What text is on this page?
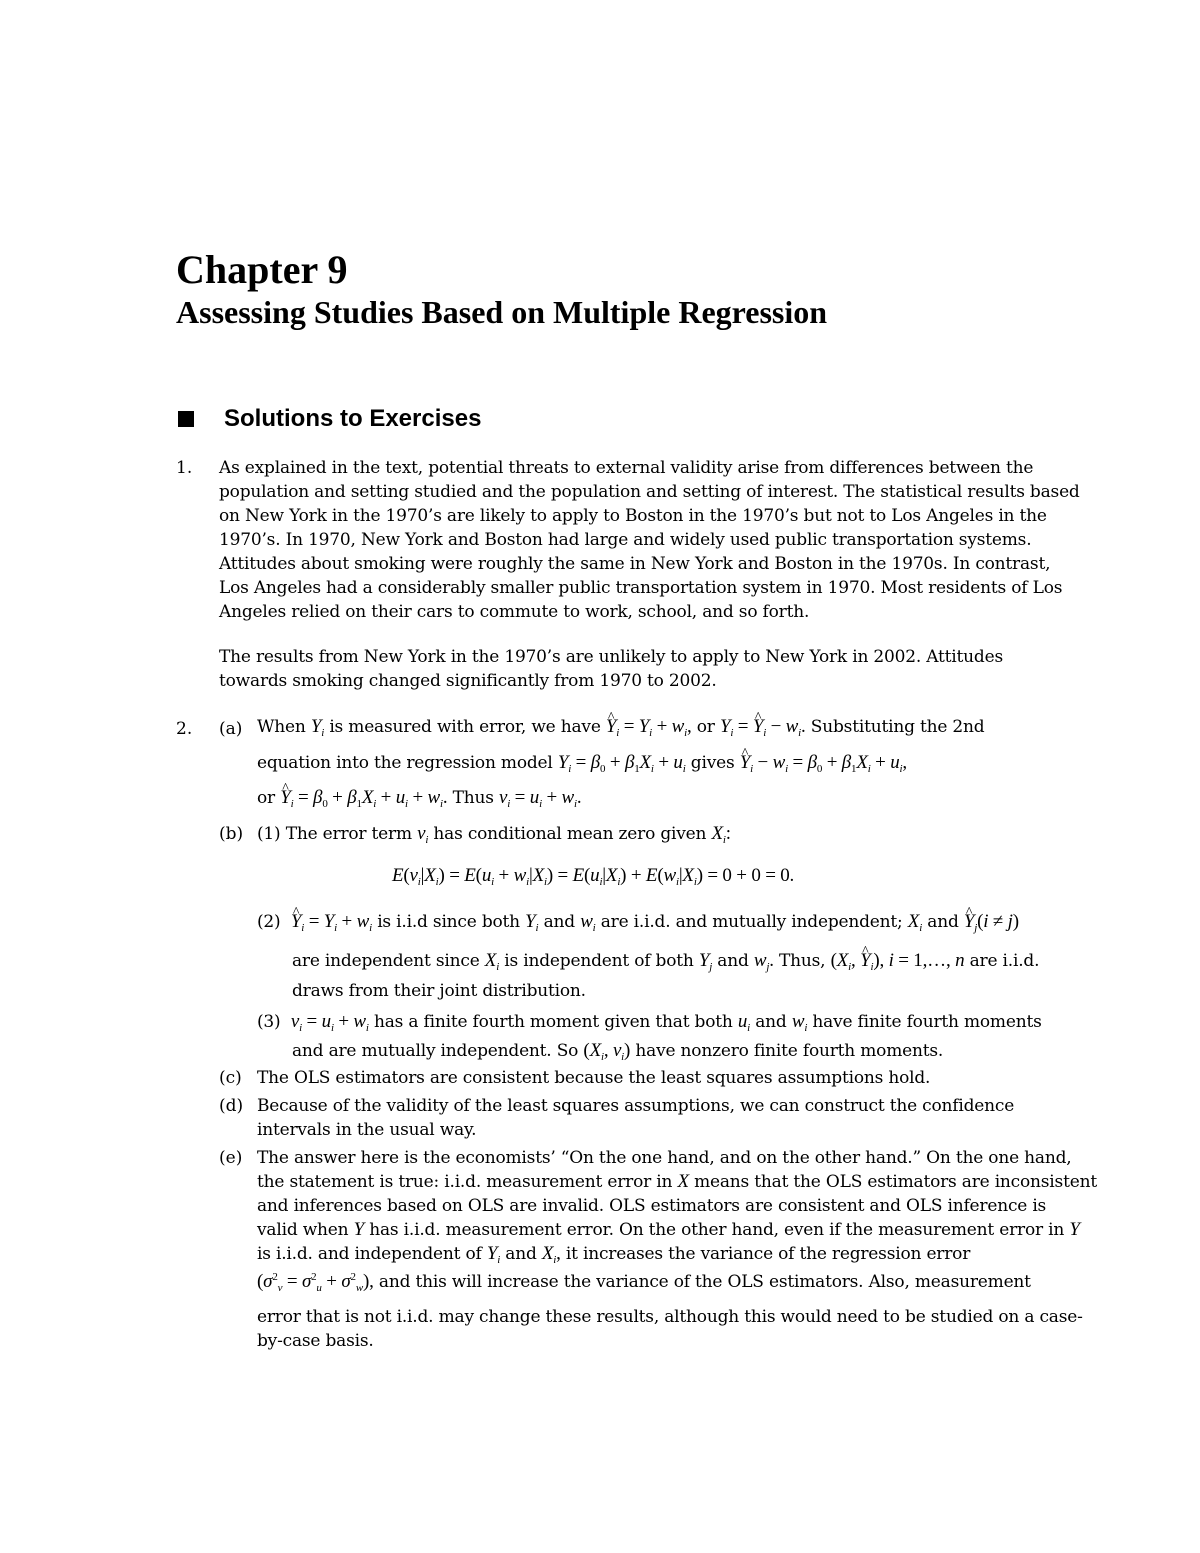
Chapter 9
Assessing Studies Based on Multiple Regression
Solutions to Exercises
1. As explained in the text, potential threats to external validity arise from differences between the
population and setting studied and the population and setting of interest. The statistical results based
on New York in the 1970’s are likely to apply to Boston in the 1970’s but not to Los Angeles in the
1970’s. In 1970, New York and Boston had large and widely used public transportation systems.
Attitudes about smoking were roughly the same in New York and Boston in the 1970s. In contrast,
Los Angeles had a considerably smaller public transportation system in 1970. Most residents of Los
Angeles relied on their cars to commute to work, school, and so forth.
The results from New York in the 1970’s are unlikely to apply to New York in 2002. Attitudes
towards smoking changed significantly from 1970 to 2002.
2. (a) When $Y_i$ is measured with error, we have ^ $Y_i = Y_i + w_i$, or $Y_i$ = ^ $Y_i - w_i$. Substituting the 2nd
equation into the regression model $Y_i = \beta_0 + \beta_1X_i + u_i$ gives ^ $Y_i - w_i = \beta_0 + \beta_1X_i + u_i$,
or ^ $Y_i = \beta_0 + \beta_1X_i + u_i + w_i$. Thus $v_i = u_i + w_i$.
(b) (1) The error term $v_i$ has conditional mean zero given $X_i$:
$E(v_i|X_i) = E(u_i + w_i|X_i) = E(u_i|X_i) + E(w_i|X_i) = 0 + 0 = 0$.
(2) ^ $Y_i = Y_i + w_i$ is i.i.d since both $Y_i$ and $w_i$ are i.i.d. and mutually independent; $X_i$ and ^ $Y_j(i \ne j)$
are independent since $X_i$ is independent of both $Y_j$ and $w_j$. Thus, ($X_i$, ^ $Y_i$), i = 1,…, n are i.i.d.
draws from their joint distribution.
(3) $v_i = u_i + w_i$ has a finite fourth moment given that both $u_i$ and $w_i$ have finite fourth moments
and are mutually independent. So ($X_i$, $v_i$) have nonzero finite fourth moments.
(c) The OLS estimators are consistent because the least squares assumptions hold.
(d) Because of the validity of the least squares assumptions, we can construct the confidence
intervals in the usual way.
(e) The answer here is the economists’ “On the one hand, and on the other hand.” On the one hand,
the statement is true: i.i.d. measurement error in X means that the OLS estimators are inconsistent
and inferences based on OLS are invalid. OLS estimators are consistent and OLS inference is
valid when Y has i.i.d. measurement error. On the other hand, even if the measurement error in Y
is i.i.d. and independent of $Y_i$ and $X_i$, it increases the variance of the regression error
$(\sigma^2_v = \sigma^2_u + \sigma^2_w)$, and this will increase the variance of the OLS estimators. Also, measurement
error that is not i.i.d. may change these results, although this would need to be studied on a case-
by-case basis.
